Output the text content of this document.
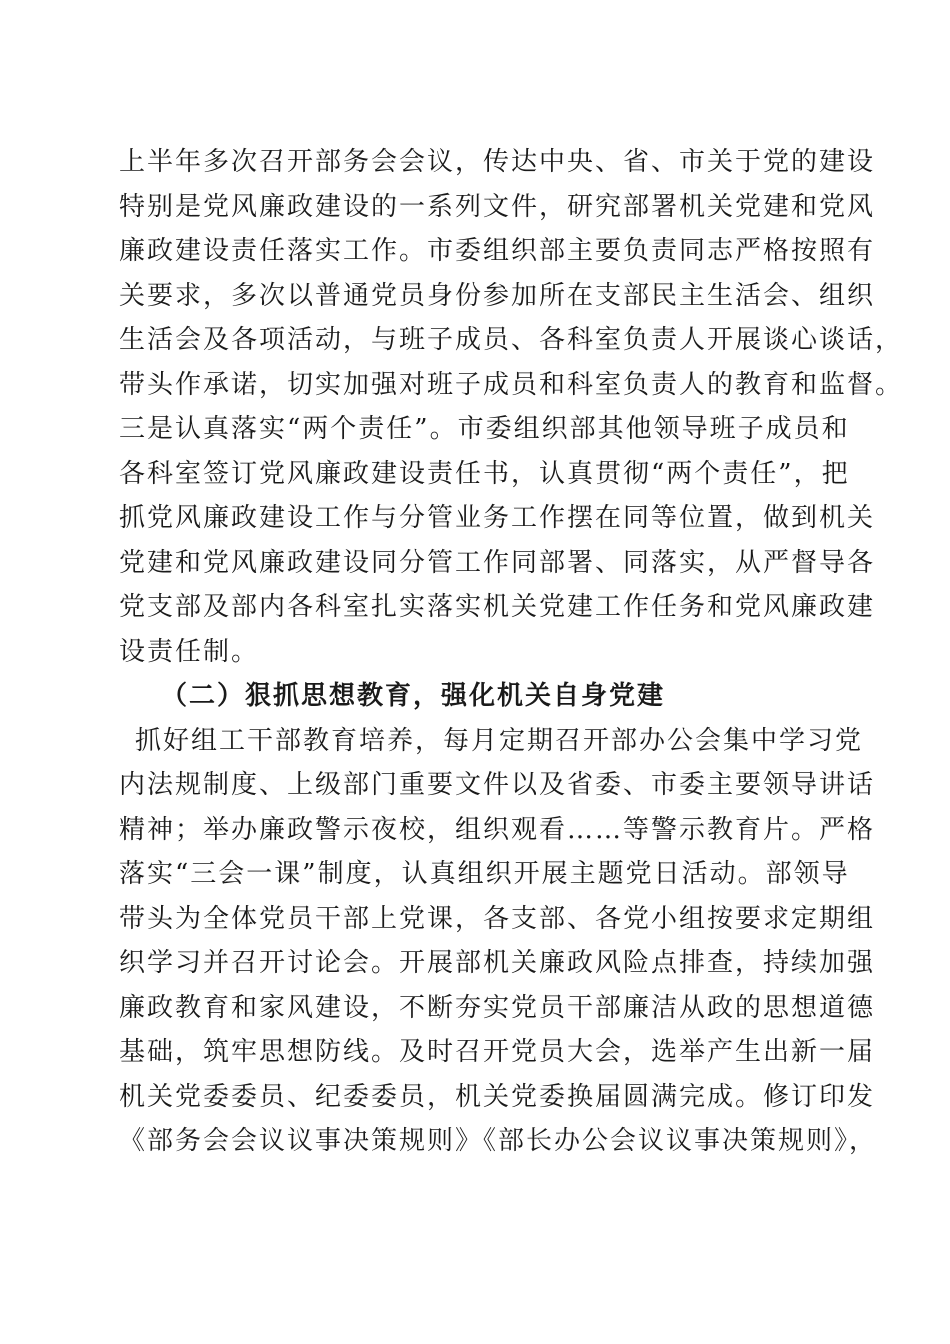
上半年多次召开部务会会议，传达中央、省、市关于党的建设
特别是党风廉政建设的一系列文件，研究部署机关党建和党风
廉政建设责任落实工作。市委组织部主要负责同志严格按照有
关要求，多次以普通党员身份参加所在支部民主生活会、组织
生活会及各项活动，与班子成员、各科室负责人开展谈心谈话，
带头作承诺，切实加强对班子成员和科室负责人的教育和监督。
三是认真落实“两个责任”。市委组织部其他领导班子成员和
各科室签订党风廉政建设责任书，认真贯彻“两个责任”，把
抓党风廉政建设工作与分管业务工作摆在同等位置，做到机关
党建和党风廉政建设同分管工作同部署、同落实，从严督导各
党支部及部内各科室扎实落实机关党建工作任务和党风廉政建
设责任制。
（二）狠抓思想教育，强化机关自身党建
抓好组工干部教育培养，每月定期召开部办公会集中学习党
内法规制度、上级部门重要文件以及省委、市委主要领导讲话
精神；举办廉政警示夜校，组织观看……等警示教育片。严格
落实“三会一课”制度，认真组织开展主题党日活动。部领导
带头为全体党员干部上党课，各支部、各党小组按要求定期组
织学习并召开讨论会。开展部机关廉政风险点排查，持续加强
廉政教育和家风建设，不断夯实党员干部廉洁从政的思想道德
基础，筑牢思想防线。及时召开党员大会，选举产生出新一届
机关党委委员、纪委委员，机关党委换届圆满完成。修订印发
《部务会会议议事决策规则》《部长办公会议议事决策规则》，
